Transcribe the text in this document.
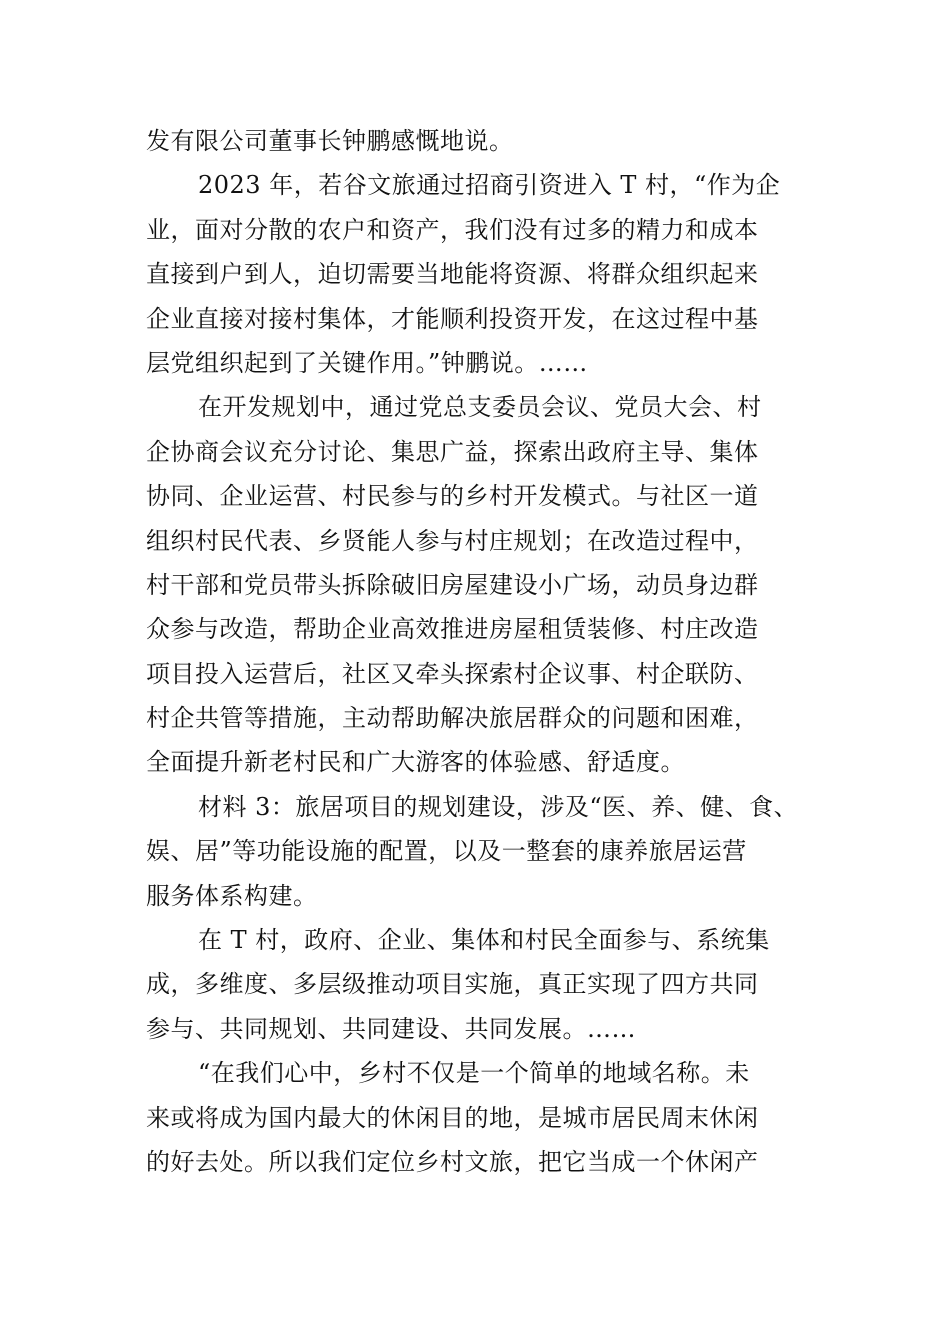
发有限公司董事长钟鹏感慨地说。

2023 年，若谷文旅通过招商引资进入 T 村，“作为企
业，面对分散的农户和资产，我们没有过多的精力和成本
直接到户到人，迫切需要当地能将资源、将群众组织起来
企业直接对接村集体，才能顺利投资开发，在这过程中基
层党组织起到了关键作用。”钟鹏说。……

在开发规划中，通过党总支委员会议、党员大会、村
企协商会议充分讨论、集思广益，探索出政府主导、集体
协同、企业运营、村民参与的乡村开发模式。与社区一道
组织村民代表、乡贤能人参与村庄规划；在改造过程中，
村干部和党员带头拆除破旧房屋建设小广场，动员身边群
众参与改造，帮助企业高效推进房屋租赁装修、村庄改造
项目投入运营后，社区又牵头探索村企议事、村企联防、
村企共管等措施，主动帮助解决旅居群众的问题和困难，
全面提升新老村民和广大游客的体验感、舒适度。

材料 3：旅居项目的规划建设，涉及“医、养、健、食、
娱、居”等功能设施的配置，以及一整套的康养旅居运营
服务体系构建。

在 T 村，政府、企业、集体和村民全面参与、系统集
成，多维度、多层级推动项目实施，真正实现了四方共同
参与、共同规划、共同建设、共同发展。……

“在我们心中，乡村不仅是一个简单的地域名称。未
来或将成为国内最大的休闲目的地，是城市居民周末休闲
的好去处。所以我们定位乡村文旅，把它当成一个休闲产
